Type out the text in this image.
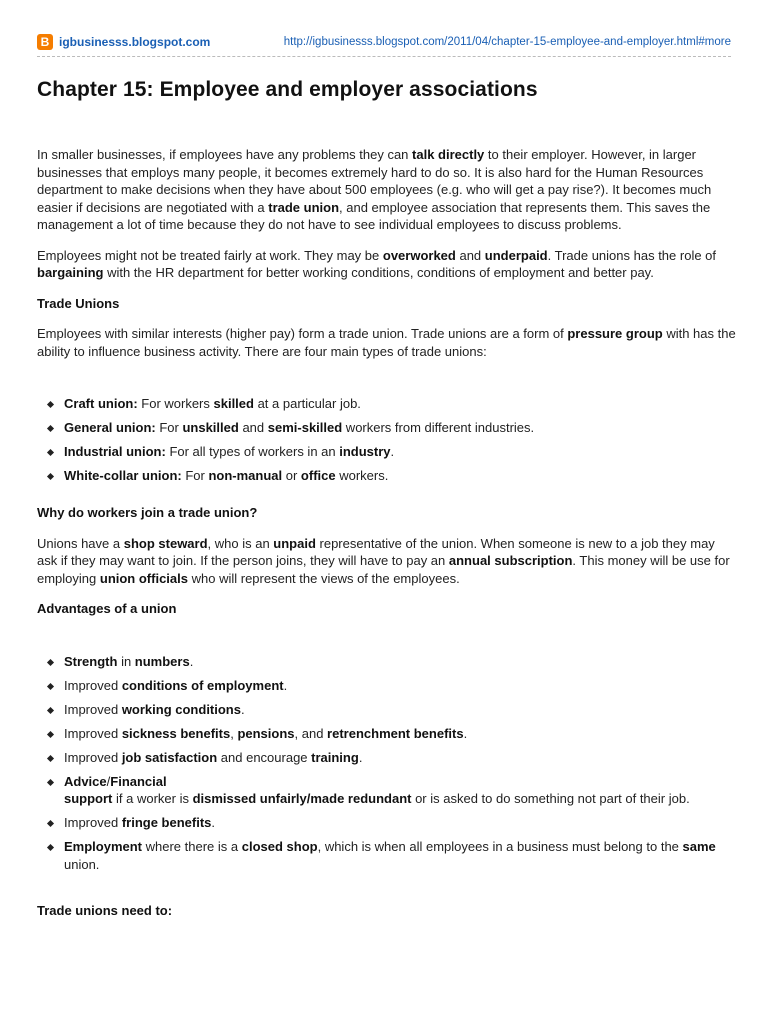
B igbusinesss.blogspot.com	http://igbusinesss.blogspot.com/2011/04/chapter-15-employee-and-employer.html#more
Chapter 15: Employee and employer associations

In smaller businesses, if employees have any problems they can talk directly to their employer. However, in larger businesses that employs many people, it becomes extremely hard to do so. It is also hard for the Human Resources department to make decisions when they have about 500 employees (e.g. who will get a pay rise?). It becomes much easier if decisions are negotiated with a trade union, and employee association that represents them. This saves the management a lot of time because they do not have to see individual employees to discuss problems.

Employees might not be treated fairly at work. They may be overworked and underpaid. Trade unions has the role of bargaining with the HR department for better working conditions, conditions of employment and better pay.

Trade Unions

Employees with similar interests (higher pay) form a trade union. Trade unions are a form of pressure group with has the ability to influence business activity. There are four main types of trade unions:

Craft union: For workers skilled at a particular job.
General union: For unskilled and semi-skilled workers from different industries.
Industrial union: For all types of workers in an industry.
White-collar union: For non-manual or office workers.
Why do workers join a trade union?

Unions have a shop steward, who is an unpaid representative of the union. When someone is new to a job they may ask if they may want to join. If the person joins, they will have to pay an annual subscription. This money will be use for employing union officials who will represent the views of the employees.

Advantages of a union
Strength in numbers.
Improved conditions of employment.
Improved working conditions.
Improved sickness benefits, pensions, and retrenchment benefits.
Improved job satisfaction and encourage training.
Advice/Financial
support if a worker is dismissed unfairly/made redundant or is asked to do something not part of their job.
Improved fringe benefits.
Employment where there is a closed shop, which is when all employees in a business must belong to the same union.
Trade unions need to:
